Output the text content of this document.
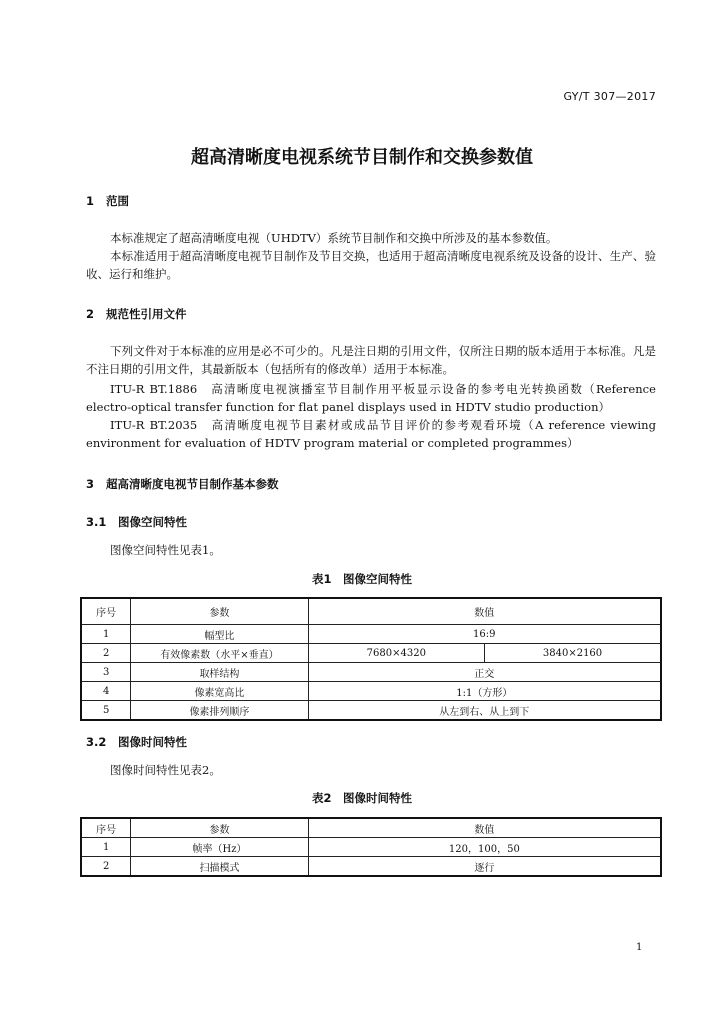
GY/T 307—2017
超高清晰度电视系统节目制作和交换参数值
1 范围
本标准规定了超高清晰度电视（UHDTV）系统节目制作和交换中所涉及的基本参数值。
本标准适用于超高清晰度电视节目制作及节目交换，也适用于超高清晰度电视系统及设备的设计、生产、验收、运行和维护。
2 规范性引用文件
下列文件对于本标准的应用是必不可少的。凡是注日期的引用文件，仅所注日期的版本适用于本标准。凡是不注日期的引用文件，其最新版本（包括所有的修改单）适用于本标准。
ITU-R BT.1886　高清晰度电视演播室节目制作用平板显示设备的参考电光转换函数（Reference electro-optical transfer function for flat panel displays used in HDTV studio production）
ITU-R BT.2035　高清晰度电视节目素材或成品节目评价的参考观看环境（A reference viewing environment for evaluation of HDTV program material or completed programmes）
3 超高清晰度电视节目制作基本参数
3.1 图像空间特性
图像空间特性见表1。
表1　图像空间特性
序号	参数	数值	
1	幅型比	16:9	
2	有效像素数（水平×垂直）	7680×4320	3840×2160
3	取样结构	正交	
4	像素宽高比	1:1（方形）	
5	像素排列顺序	从左到右、从上到下	
3.2 图像时间特性
图像时间特性见表2。
表2　图像时间特性
序号	参数	数值
1	帧率（Hz）	120，100，50
2	扫描模式	逐行
1
